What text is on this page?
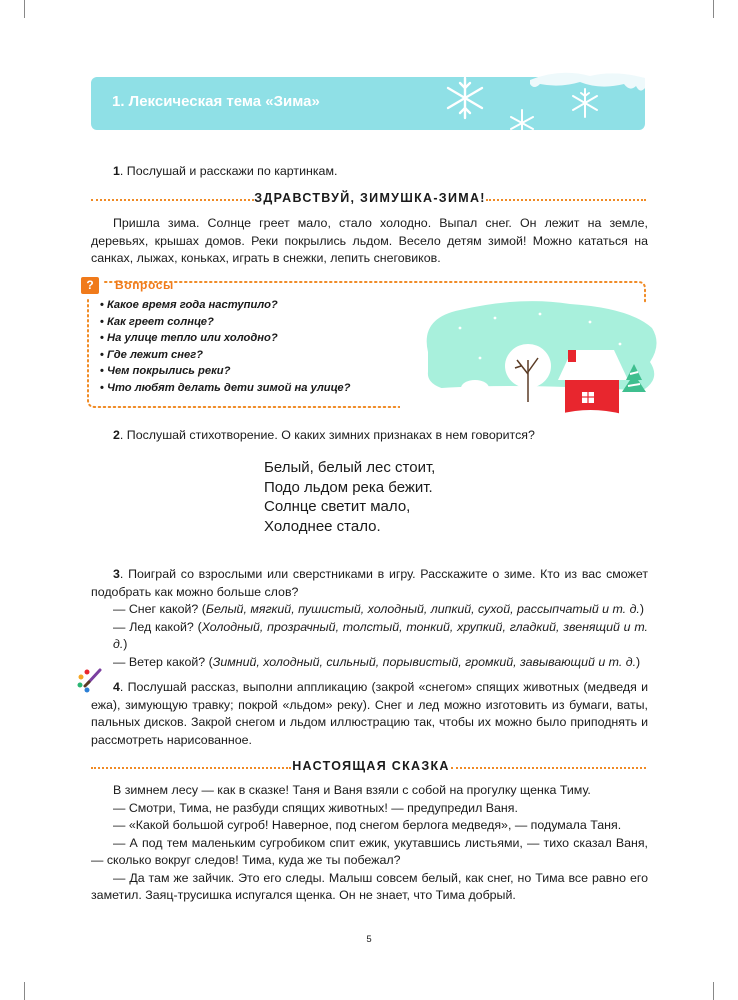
1. Лексическая тема «Зима»

1. Послушай и расскажи по картинкам.

ЗДРАВСТВУЙ, ЗИМУШКА-ЗИМА!

Пришла зима. Солнце греет мало, стало холодно. Выпал снег. Он лежит на земле, деревьях, крышах домов. Реки покрылись льдом. Весело детям зимой! Можно кататься на санках, лыжах, коньках, играть в снежки, лепить снеговиков.

?	Вопросы
• Какое время года наступило?
• Как греет солнце?
• На улице тепло или холодно?
• Где лежит снег?
• Чем покрылись реки?
• Что любят делать дети зимой на улице?

2. Послушай стихотворение. О каких зимних признаках в нем говорится?

Белый, белый лес стоит,
Подо льдом река бежит.
Солнце светит мало,
Холоднее стало.

3. Поиграй со взрослыми или сверстниками в игру. Расскажите о зиме. Кто из вас сможет подобрать как можно больше слов?
— Снег какой? (Белый, мягкий, пушистый, холодный, липкий, сухой, рассыпчатый и т. д.)
— Лед какой? (Холодный, прозрачный, толстый, тонкий, хрупкий, гладкий, звенящий и т. д.)
— Ветер какой? (Зимний, холодный, сильный, порывистый, громкий, завывающий и т. д.)

4. Послушай рассказ, выполни аппликацию (закрой «снегом» спящих животных (медведя и ежа), зимующую травку; покрой «льдом» реку). Снег и лед можно изготовить из бумаги, ваты, пальных дисков. Закрой снегом и льдом иллюстрацию так, чтобы их можно было приподнять и рассмотреть нарисованное.

НАСТОЯЩАЯ СКАЗКА

В зимнем лесу — как в сказке! Таня и Ваня взяли с собой на прогулку щенка Тиму.
— Смотри, Тима, не разбуди спящих животных! — предупредил Ваня.
— «Какой большой сугроб! Наверное, под снегом берлога медведя», — подумала Таня.
— А под тем маленьким сугробиком спит ежик, укутавшись листьями, — тихо сказал Ваня, — сколько вокруг следов! Тима, куда же ты побежал?
— Да там же зайчик. Это его следы. Малыш совсем белый, как снег, но Тима все равно его заметил. Заяц-трусишка испугался щенка. Он не знает, что Тима добрый.

5
